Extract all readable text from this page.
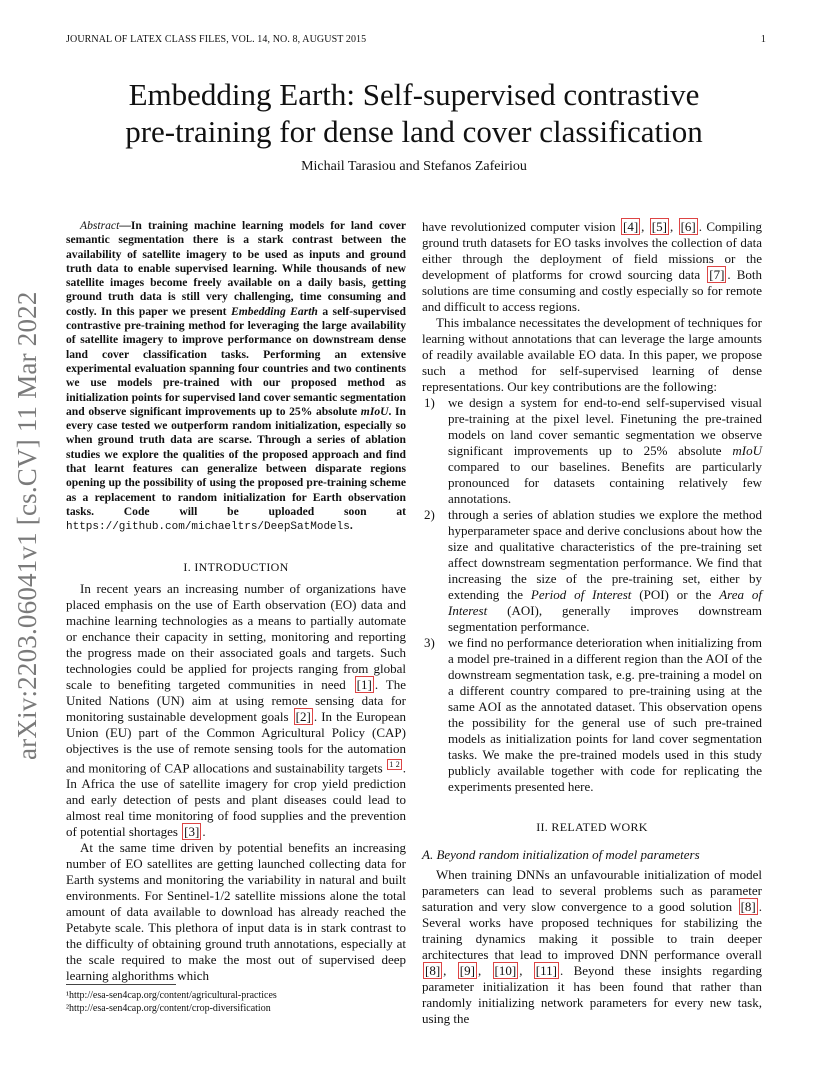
JOURNAL OF LATEX CLASS FILES, VOL. 14, NO. 8, AUGUST 2015	1
Embedding Earth: Self-supervised contrastive
pre-training for dense land cover classification
Michail Tarasiou and Stefanos Zafeiriou
arXiv:2203.06041v1 [cs.CV] 11 Mar 2022

Abstract—In training machine learning models for land cover semantic segmentation there is a stark contrast between the availability of satellite imagery to be used as inputs and ground truth data to enable supervised learning. While thousands of new satellite images become freely available on a daily basis, getting ground truth data is still very challenging, time consuming and costly. In this paper we present Embedding Earth a self-supervised contrastive pre-training method for leveraging the large availability of satellite imagery to improve performance on downstream dense land cover classification tasks. Performing an extensive experimental evaluation spanning four countries and two continents we use models pre-trained with our proposed method as initialization points for supervised land cover semantic segmentation and observe significant improvements up to 25% absolute mIoU. In every case tested we outperform random initialization, especially so when ground truth data are scarse. Through a series of ablation studies we explore the qualities of the proposed approach and find that learnt features can generalize between disparate regions opening up the possibility of using the proposed pre-training scheme as a replacement to random initialization for Earth observation tasks. Code will be uploaded soon at https://github.com/michaeltrs/DeepSatModels.

I. INTRODUCTION

In recent years an increasing number of organizations have placed emphasis on the use of Earth observation (EO) data and machine learning technologies as a means to partially automate or enchance their capacity in setting, monitoring and reporting the progress made on their associated goals and targets. Such technologies could be applied for projects ranging from global scale to benefiting targeted communities in need [1] . The United Nations (UN) aim at using remote sensing data for monitoring sustainable development goals [2] . In the European Union (EU) part of the Common Agricultural Policy (CAP) objectives is the use of remote sensing tools for the automation and monitoring of CAP allocations and sustainability targets $^{1 2}$ . In Africa the use of satellite imagery for crop yield prediction and early detection of pests and plant diseases could lead to almost real time monitoring of food supplies and the prevention of potential shortages [3] .

At the same time driven by potential benefits an increasing number of EO satellites are getting launched collecting data for Earth systems and monitoring the variability in natural and built environments. For Sentinel-1/2 satellite missions alone the total amount of data available to download has already reached the Petabyte scale. This plethora of input data is in stark contrast to the difficulty of obtaining ground truth annotations, especially at the scale required to make the most out of supervised deep learning alghorithms which

¹http://esa-sen4cap.org/content/agricultural-practices
²http://esa-sen4cap.org/content/crop-diversification

have revolutionized computer vision [4] , [5] , [6] . Compiling ground truth datasets for EO tasks involves the collection of data either through the deployment of field missions or the development of platforms for crowd sourcing data [7] . Both solutions are time consuming and costly especially so for remote and difficult to access regions.

This imbalance necessitates the development of techniques for learning without annotations that can leverage the large amounts of readily available available EO data. In this paper, we propose such a method for self-supervised learning of dense representations. Our key contributions are the following:

1) we design a system for end-to-end self-supervised visual pre-training at the pixel level. Finetuning the pre-trained models on land cover semantic segmentation we observe significant improvements up to 25% absolute mIoU compared to our baselines. Benefits are particularly pronounced for datasets containing relatively few annotations.
2) through a series of ablation studies we explore the method hyperparameter space and derive conclusions about how the size and qualitative characteristics of the pre-training set affect downstream segmentation performance. We find that increasing the size of the pre-training set, either by extending the Period of Interest (POI) or the Area of Interest (AOI), generally improves downstream segmentation performance.
3) we find no performance deterioration when initializing from a model pre-trained in a different region than the AOI of the downstream segmentation task, e.g. pre-training a model on a different country compared to pre-training using at the same AOI as the annotated dataset. This observation opens the possibility for the general use of such pre-trained models as initialization points for land cover segmentation tasks. We make the pre-trained models used in this study publicly available together with code for replicating the experiments presented here.
II. RELATED WORK
A. Beyond random initialization of model parameters

When training DNNs an unfavourable initialization of model parameters can lead to several problems such as parameter saturation and very slow convergence to a good solution [8] . Several works have proposed techniques for stabilizing the training dynamics making it possible to train deeper architectures that lead to improved DNN performance overall [8] , [9] , [10] , [11] . Beyond these insights regarding parameter initialization it has been found that rather than randomly initializing network parameters for every new task, using the
